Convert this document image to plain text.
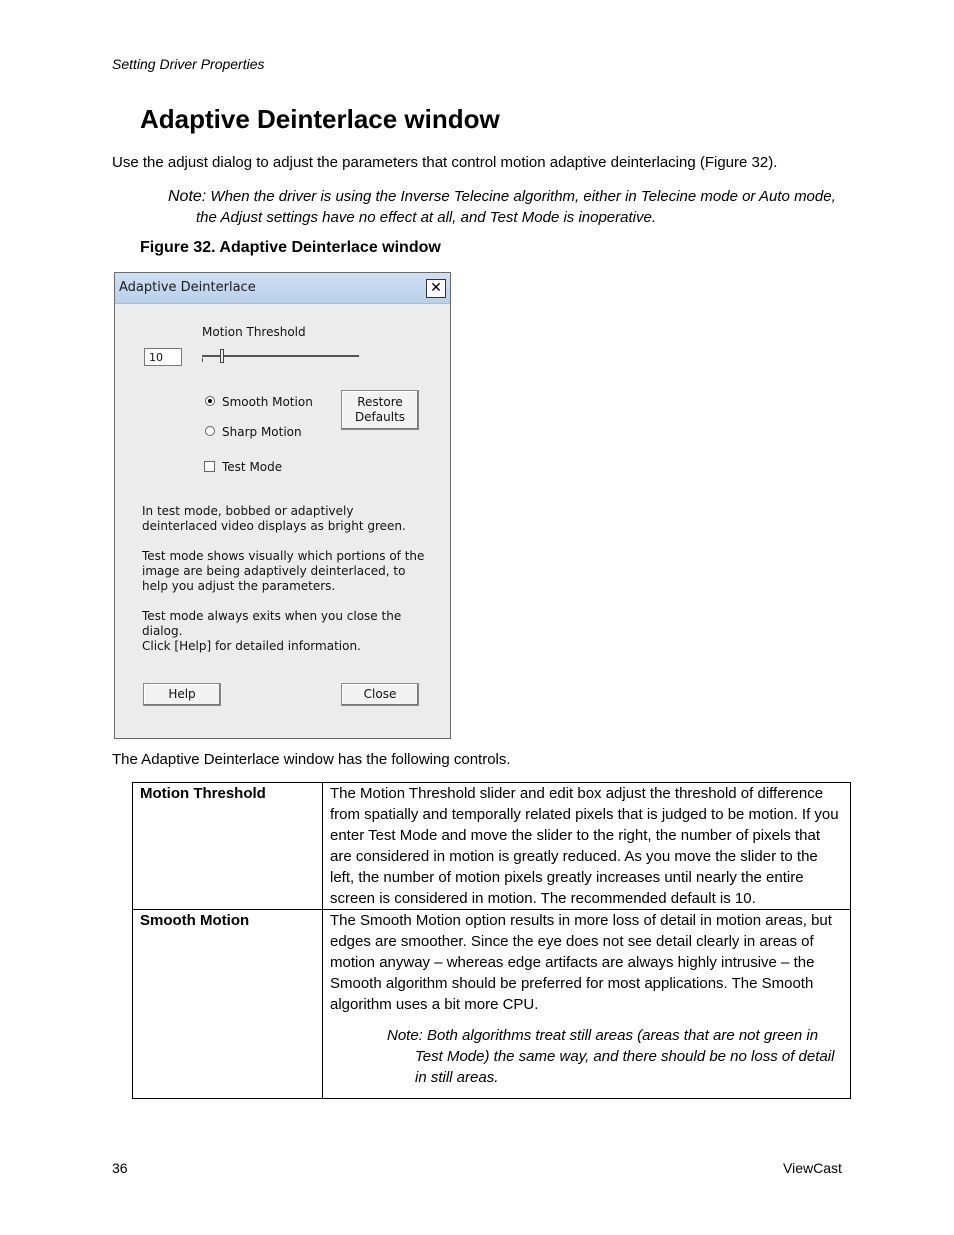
Setting Driver Properties
Adaptive Deinterlace window
Use the adjust dialog to adjust the parameters that control motion adaptive deinterlacing (Figure 32).
Note: When the driver is using the Inverse Telecine algorithm, either in Telecine mode or Auto mode, the Adjust settings have no effect at all, and Test Mode is inoperative.
Figure 32. Adaptive Deinterlace window
Adaptive Deinterlace	✕
Motion Threshold
10
Smooth Motion
Sharp Motion
Test Mode
Restore
Defaults
In test mode, bobbed or adaptively deinterlaced video displays as bright green.
Test mode shows visually which portions of the image are being adaptively deinterlaced, to help you adjust the parameters.
Test mode always exits when you close the dialog.
Click [Help] for detailed information.
Help	Close
The Adaptive Deinterlace window has the following controls.
Motion Threshold	The Motion Threshold slider and edit box adjust the threshold of difference from spatially and temporally related pixels that is judged to be motion. If you enter Test Mode and move the slider to the right, the number of pixels that are considered in motion is greatly reduced. As you move the slider to the left, the number of motion pixels greatly increases until nearly the entire screen is considered in motion. The recommended default is 10.
Smooth Motion	The Smooth Motion option results in more loss of detail in motion areas, but edges are smoother. Since the eye does not see detail clearly in areas of motion anyway – whereas edge artifacts are always highly intrusive – the Smooth algorithm should be preferred for most applications. The Smooth algorithm uses a bit more CPU.
Note: Both algorithms treat still areas (areas that are not green in Test Mode) the same way, and there should be no loss of detail in still areas.
36	ViewCast
